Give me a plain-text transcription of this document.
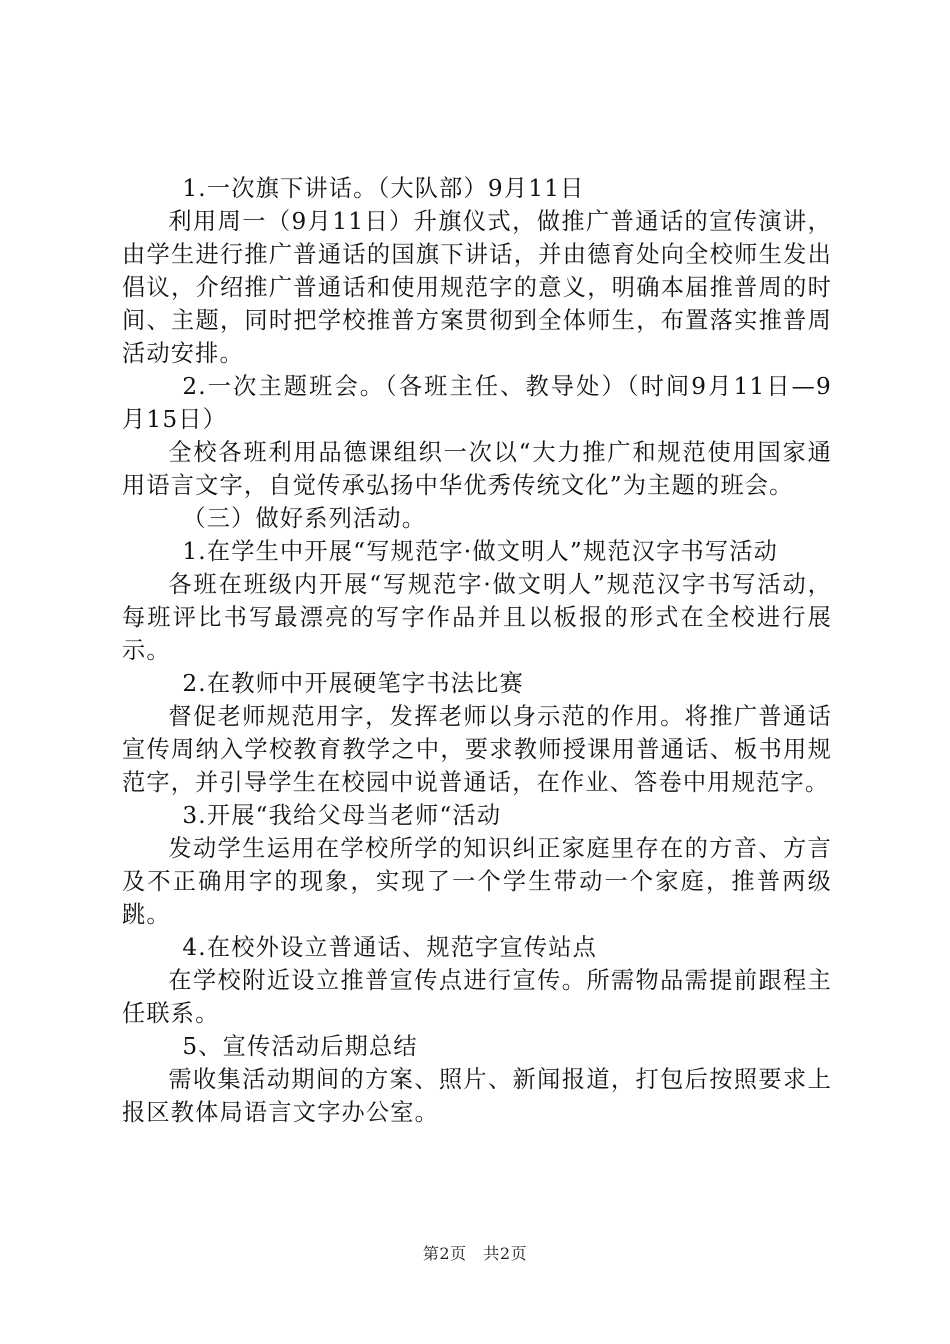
1.一次旗下讲话。（大队部）9月11日

利用周一（9月11日）升旗仪式，做推广普通话的宣传演讲，由学生进行推广普通话的国旗下讲话，并由德育处向全校师生发出倡议，介绍推广普通话和使用规范字的意义，明确本届推普周的时间、主题，同时把学校推普方案贯彻到全体师生，布置落实推普周活动安排。

2.一次主题班会。（各班主任、教导处）（时间9月11日—9月15日）

全校各班利用品德课组织一次以“大力推广和规范使用国家通用语言文字，自觉传承弘扬中华优秀传统文化”为主题的班会。

（三）做好系列活动。

1.在学生中开展“写规范字·做文明人”规范汉字书写活动

各班在班级内开展“写规范字·做文明人”规范汉字书写活动，每班评比书写最漂亮的写字作品并且以板报的形式在全校进行展示。

2.在教师中开展硬笔字书法比赛

督促老师规范用字，发挥老师以身示范的作用。将推广普通话宣传周纳入学校教育教学之中，要求教师授课用普通话、板书用规范字，并引导学生在校园中说普通话，在作业、答卷中用规范字。

3.开展“我给父母当老师“活动

发动学生运用在学校所学的知识纠正家庭里存在的方音、方言及不正确用字的现象，实现了一个学生带动一个家庭，推普两级跳。

4.在校外设立普通话、规范字宣传站点

在学校附近设立推普宣传点进行宣传。所需物品需提前跟程主任联系。

5、宣传活动后期总结

需收集活动期间的方案、照片、新闻报道，打包后按照要求上报区教体局语言文字办公室。

第2页 共2页
